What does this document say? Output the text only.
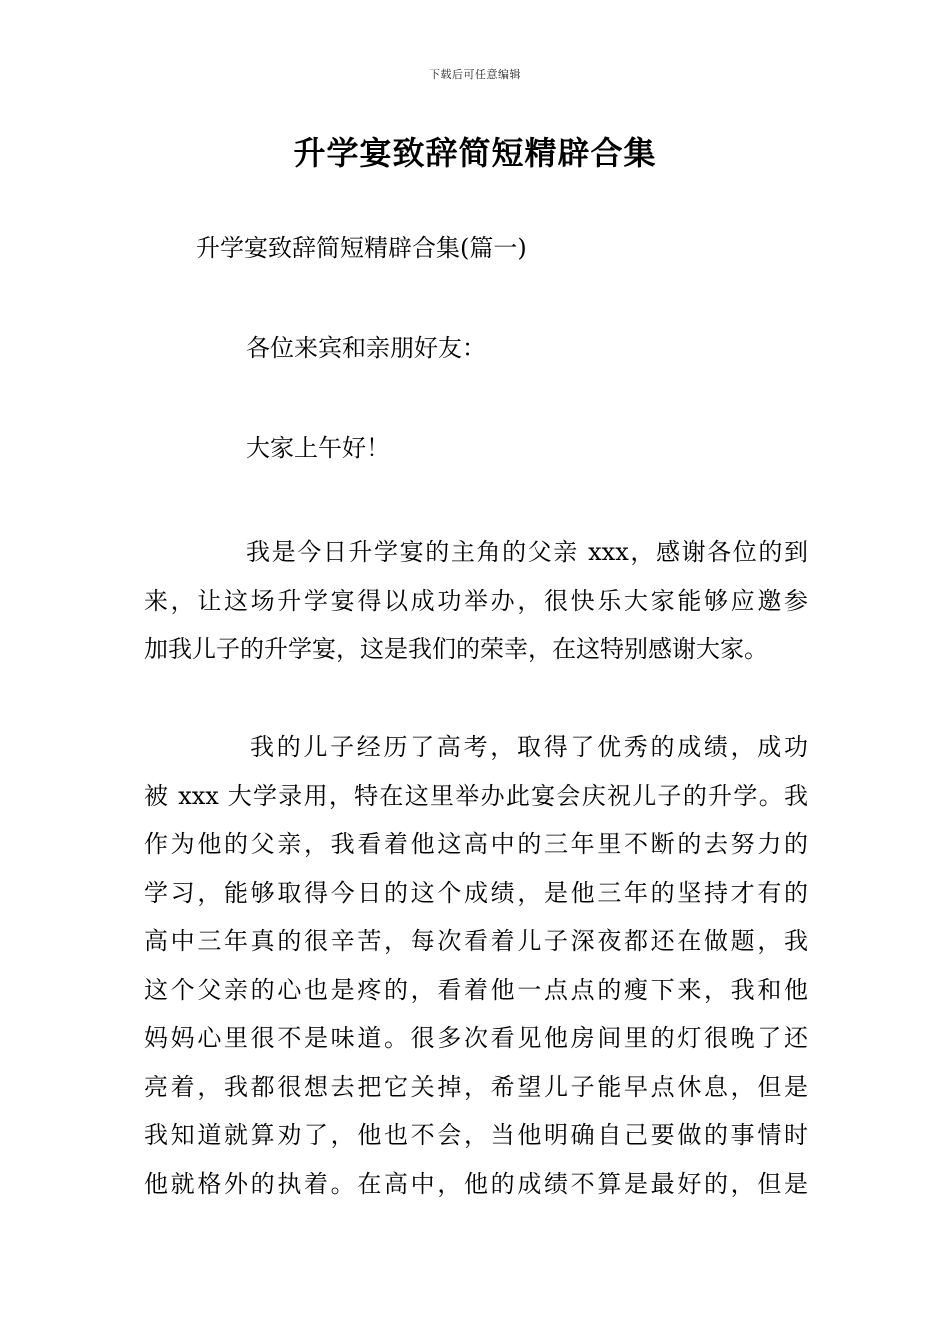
下载后可任意编辑
升学宴致辞简短精辟合集
升学宴致辞简短精辟合集(篇一)
各位来宾和亲朋好友：
大家上午好！
我是今日升学宴的主角的父亲 xxx，感谢各位的到
来，让这场升学宴得以成功举办，很快乐大家能够应邀参
加我儿子的升学宴，这是我们的荣幸，在这特别感谢大家。
我的儿子经历了高考，取得了优秀的成绩，成功
被 xxx 大学录用，特在这里举办此宴会庆祝儿子的升学。我
作为他的父亲，我看着他这高中的三年里不断的去努力的
学习，能够取得今日的这个成绩，是他三年的坚持才有的
高中三年真的很辛苦，每次看着儿子深夜都还在做题，我
这个父亲的心也是疼的，看着他一点点的瘦下来，我和他
妈妈心里很不是味道。很多次看见他房间里的灯很晚了还
亮着，我都很想去把它关掉，希望儿子能早点休息，但是
我知道就算劝了，他也不会，当他明确自己要做的事情时
他就格外的执着。在高中，他的成绩不算是最好的，但是
